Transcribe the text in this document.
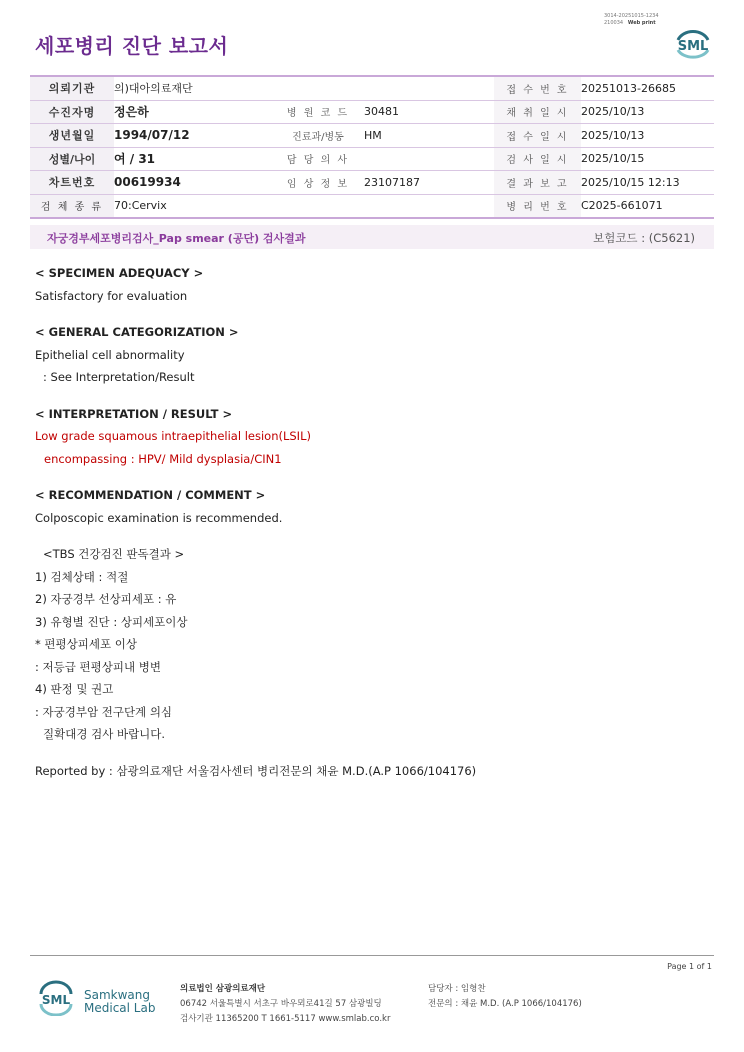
3014-20251015-1234
210034 Web print
세포병리 진단 보고서	SML
의뢰기관	의)대아의료재단			접 수 번 호	20251013-26685
수진자명	정은하	병 원 코 드	30481	채 취 일 시	2025/10/13
생년월일	1994/07/12	진료과/병동	HM	접 수 일 시	2025/10/13
성별/나이	여 / 31	담 당 의 사		검 사 일 시	2025/10/15
차트번호	00619934	임 상 정 보	23107187	결 과 보 고	2025/10/15 12:13
검 체 종 류	70:Cervix			병 리 번 호	C2025-661071
자궁경부세포병리검사_Pap smear (공단) 검사결과	보험코드 : (C5621)
< SPECIMEN ADEQUACY >
Satisfactory for evaluation
< GENERAL CATEGORIZATION >
Epithelial cell abnormality
: See Interpretation/Result
< INTERPRETATION / RESULT >
Low grade squamous intraepithelial lesion(LSIL)
encompassing : HPV/ Mild dysplasia/CIN1
< RECOMMENDATION / COMMENT >
Colposcopic examination is recommended.
<TBS 건강검진 판독결과 >
1) 검체상태 : 적절
2) 자궁경부 선상피세포 : 유
3) 유형별 진단 : 상피세포이상
* 편평상피세포 이상
: 저등급 편평상피내 병변
4) 판정 및 권고
: 자궁경부암 전구단계 의심
질확대경 검사 바랍니다.
Reported by : 삼광의료재단 서울검사센터 병리전문의 채윤 M.D.(A.P 1066/104176)
Page 1 of 1
SML Samkwang
Medical Lab
의료법인 삼광의료재단
06742 서울특별시 서초구 바우뫼로41길 57 삼광빌딩
검사기관 11365200 T 1661-5117 www.smlab.co.kr
담당자 : 임형찬
전문의 : 채윤 M.D. (A.P 1066/104176)
